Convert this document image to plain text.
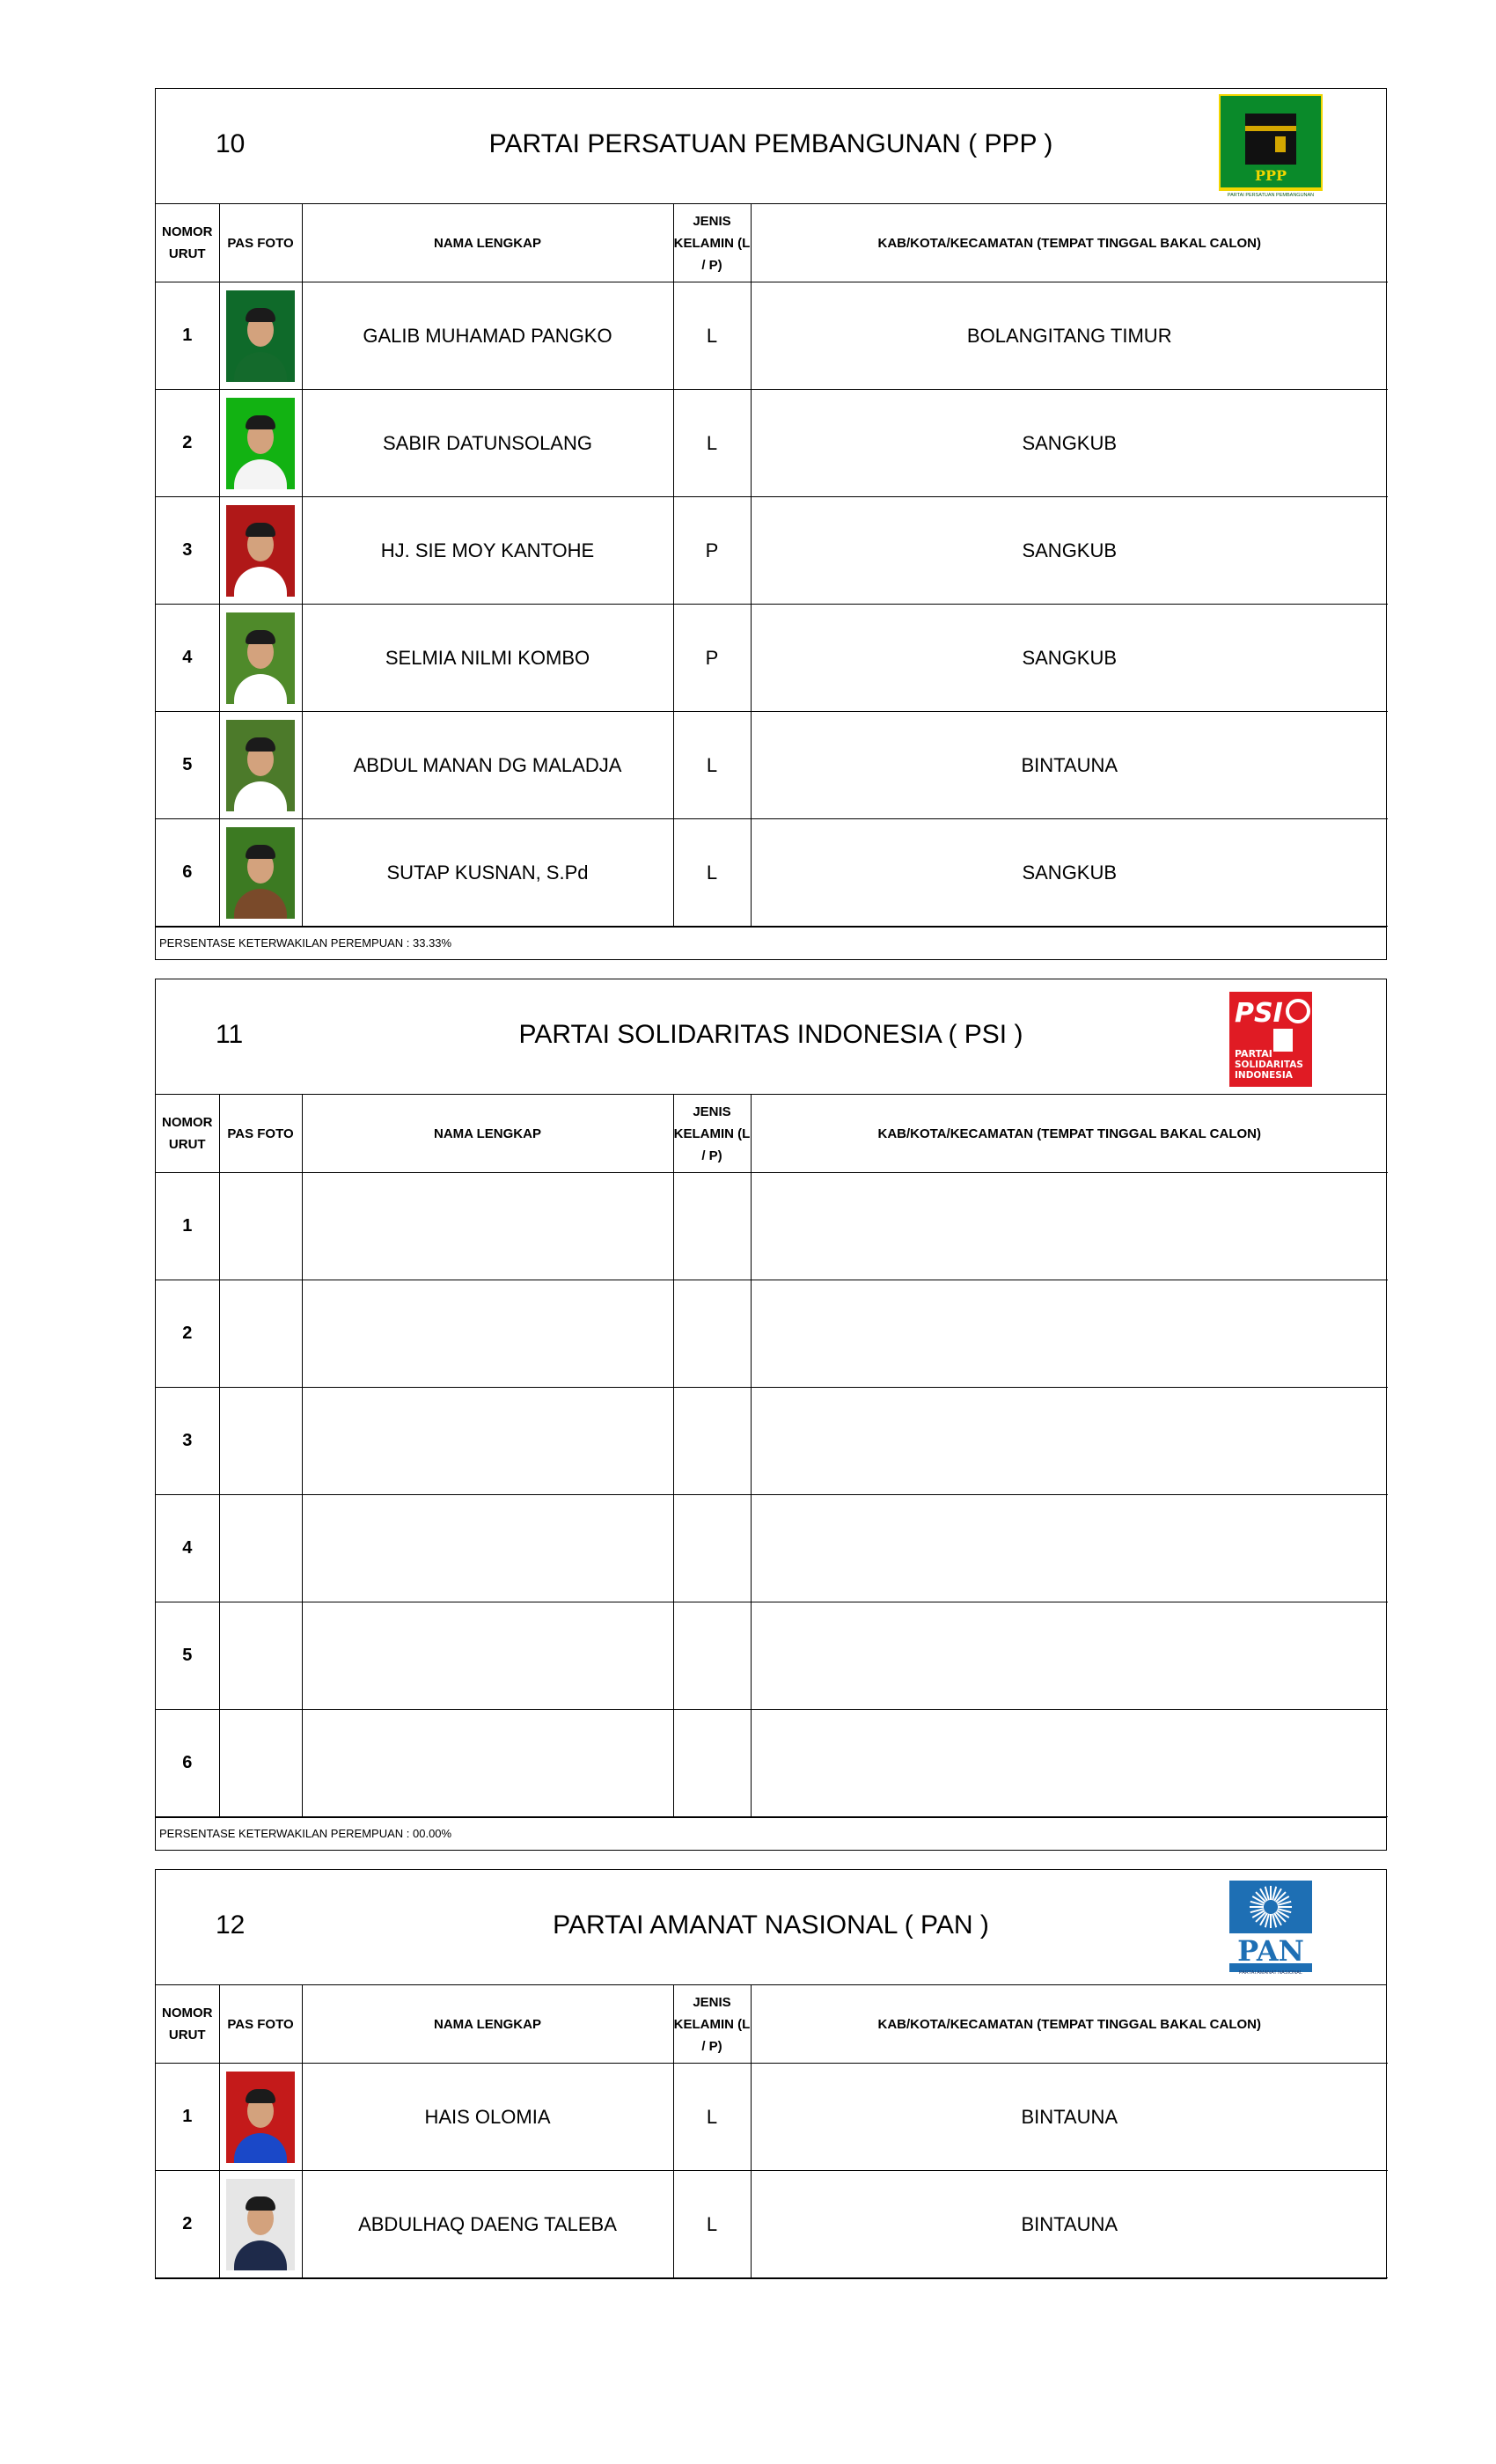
10	PARTAI PERSATUAN PEMBANGUNAN ( PPP )
PPP
PARTAI PERSATUAN PEMBANGUNAN
NOMOR URUT	PAS FOTO	NAMA LENGKAP	JENIS KELAMIN (L / P)	KAB/KOTA/KECAMATAN (TEMPAT TINGGAL BAKAL CALON)
1		GALIB MUHAMAD PANGKO	L	BOLANGITANG TIMUR
2		SABIR DATUNSOLANG	L	SANGKUB
3		HJ. SIE MOY KANTOHE	P	SANGKUB
4		SELMIA NILMI KOMBO	P	SANGKUB
5		ABDUL MANAN DG MALADJA	L	BINTAUNA
6		SUTAP KUSNAN, S.Pd	L	SANGKUB
PERSENTASE KETERWAKILAN PEREMPUAN : 33.33%
11	PARTAI SOLIDARITAS INDONESIA ( PSI )
PSI
PARTAI
SOLIDARITAS
INDONESIA
NOMOR URUT	PAS FOTO	NAMA LENGKAP	JENIS KELAMIN (L / P)	KAB/KOTA/KECAMATAN (TEMPAT TINGGAL BAKAL CALON)
1				
2				
3				
4				
5				
6				
PERSENTASE KETERWAKILAN PEREMPUAN : 00.00%
12	PARTAI AMANAT NASIONAL ( PAN )
PAN
PARTAI AMANAT NASIONAL
NOMOR URUT	PAS FOTO	NAMA LENGKAP	JENIS KELAMIN (L / P)	KAB/KOTA/KECAMATAN (TEMPAT TINGGAL BAKAL CALON)
1		HAIS OLOMIA	L	BINTAUNA
2		ABDULHAQ DAENG TALEBA	L	BINTAUNA
